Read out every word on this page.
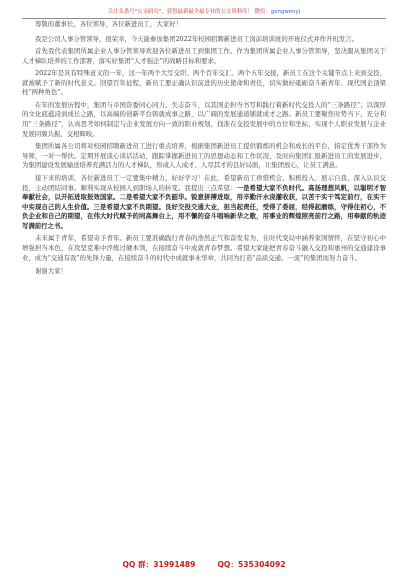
关注头条号"公文研究"，获得最新最全最专业的公文资料库！ 微信：gongwenyj

尊敬的董事长，各位领导，各位新进员工，大家好！

我是公司人事分管领导，很荣幸，今天能参加集团2022年校园招聘新进员工岗前培训班的开班仪式并作开班发言。

首先我代表集团所属企业人事分管领导欢迎各位新进员工到集团工作。作为集团所属企业人事分管领导，坚决服从集团关于人才梯队培养的工作部署，落实好集团“人才强企”的战略目标和要求。

2022年是具有特殊意义的一年，这一年两个大写交织、两个百年交汇、两个五年交接，新员工在这个关键节点上来到交投，就被赋予了新的时代意义。回望百年征程，新员工要正确认识前进的历史使命和责任，切实做好砥砺奋斗新青年、现代国企顶梁柱“两种角色”。

在年的发展历程中，集团与市国资委同心同力、失志奋斗，以其国企担当书写和践行着新时代交投人的“三条路径”；以深厚的文化底蕴浸润成长之路，以高端的创新平台铸就成事之路，以广阔的发展通道铺就成才之路。新员工要聚焦时势当下，充分利用“三条路径”，认真思考如何制定与企业发展方向一致的职业规划，找准在交投发展中的方位和坐标，实现个人职业发展与企业发展同频共振、交相辉映。

集团所属各公司将对校园招聘新进员工进行重点培养，根据集团新进员工提供锻炼的机会和成长的平台，指定优秀干部作为导师，一对一帮扶。定期开展谈心谈话活动，跟踪掌握新进员工的思想动态和工作状况，及时向集团汇报新进员工的发展进步，为集团建设发展输送培养充满活力的人才梯队，形成人人成才、人尽其才的良好局面，让集团放心，让员工满意。

接下来的培训，各位新进员工一定要集中精力，好好学习！在此，希望新员工珍惜机会、积极投入、展示自我，深入认识交投，主动团结同事。顺利实现从校园人到职场人的转变。我提出三点希望：一是希望大家不负时代。高扬理想风帆，以聪明才智奉献社会，以开拓进取报效国家。二是希望大家不负韶华。锐意拼搏进取，用辛勤汗水浇灌收获，以苦干实干笃定前行，在实干中实现自己的人生价值。三是希望大家不负期望。良好交投交通大业，担当起责任，受得了委屈，经得起磨练，守得住初心，不负企业和自己的期望，在伟大时代赋予的同高舞台上，用不懈的奋斗唱响新华之歌，用事业的辉煌照亮前行之路，用奉献的轨迹写满前行之书。

未来属于青年，希望寄予青年。新员工要准确践行青春的浩然正气和奋发有为，在时代变局中涵养家国情怀，在坚守初心中增强担当本色，在攻坚克难中淬炼过硬本领，在接续奋斗中成就青春梦想。希望大家能把青春奋斗融入交投和惠州的交通建设事业，成为“交通有我”的先锋力量，在接续奋斗的时代中成就事业华章，共同为打造“品质交通、一流”的集团而努力奋斗。

谢谢大家！

QQ 群：31991489	QQ：535304092
